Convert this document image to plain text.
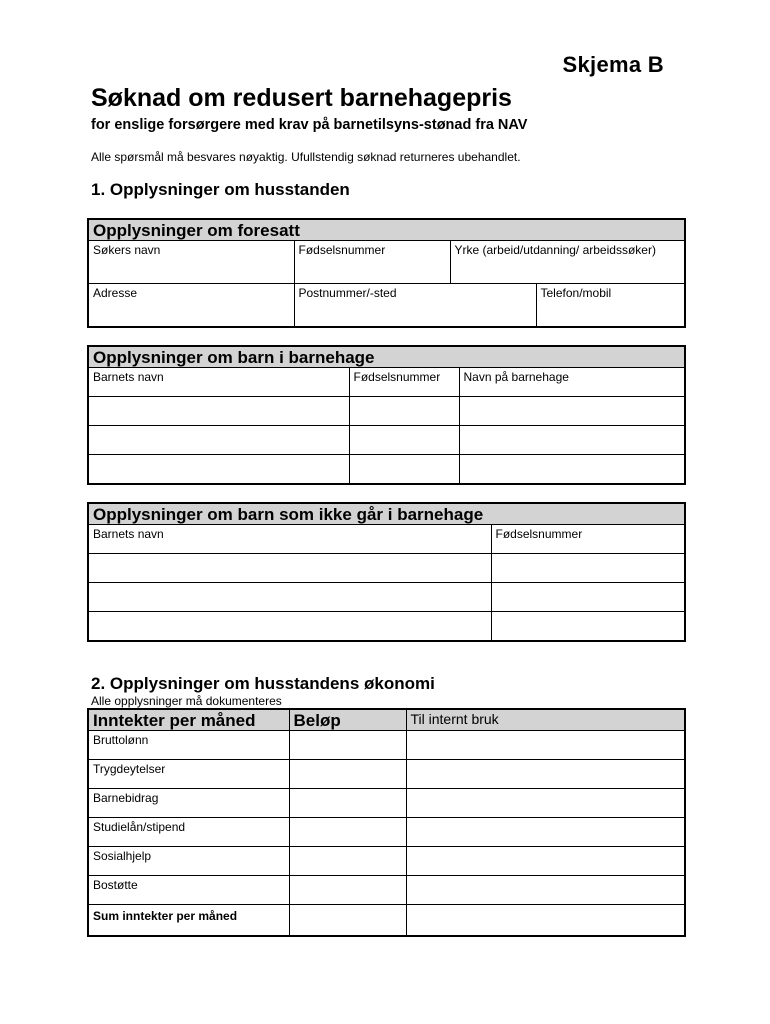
Skjema B
Søknad om redusert barnehagepris
for enslige forsørgere med krav på barnetilsyns-stønad fra NAV
Alle spørsmål må besvares nøyaktig. Ufullstendig søknad returneres ubehandlet.
1. Opplysninger om husstanden
Opplysninger om foresatt			
Søkers navn	Fødselsnummer	Yrke (arbeid/utdanning/ arbeidssøker)	
Adresse	Postnummer/-sted		Telefon/mobil
Opplysninger om barn i barnehage		
Barnets navn	Fødselsnummer	Navn på barnehage

Opplysninger om barn som ikke går i barnehage	
Barnets navn	Fødselsnummer

2. Opplysninger om husstandens økonomi
Alle opplysninger må dokumenteres
Inntekter per måned	Beløp	Til internt bruk
Bruttolønn		
Trygdeytelser		
Barnebidrag		
Studielån/stipend		
Sosialhjelp		
Bostøtte		
Sum inntekter per måned		
